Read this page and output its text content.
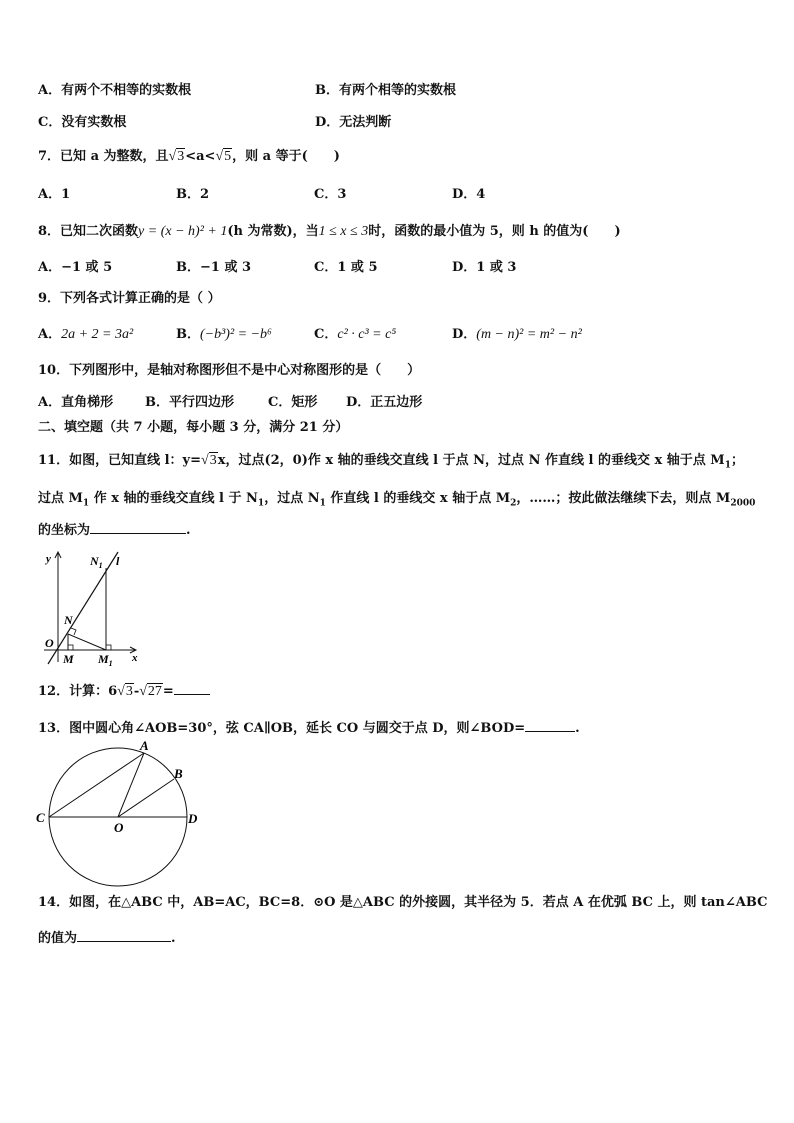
A．有两个不相等的实数根	B．有两个相等的实数根
C．没有实数根	D．无法判断
7．已知 a 为整数，且√3<a<√5，则 a 等于(　　)
A．1	B．2	C．3	D．4
8．已知二次函数y = (x − h)² + 1(h 为常数)，当1 ≤ x ≤ 3时，函数的最小值为 5，则 h 的值为(　　)
A．−1 或 5	B．−1 或 3	C．1 或 5	D．1 或 3
9．下列各式计算正确的是（ ）
A．2a + 2 = 3a²	B．(−b³)² = −b⁶	C．c² · c³ = c⁵	D．(m − n)² = m² − n²
10．下列图形中，是轴对称图形但不是中心对称图形的是（　　）
A．直角梯形 B．平行四边形	C．矩形 D．正五边形
二、填空题（共 7 小题，每小题 3 分，满分 21 分）
11．如图，已知直线 l：y=√3x，过点(2，0)作 x 轴的垂线交直线 l 于点 N，过点 N 作直线 l 的垂线交 x 轴于点 $M_1$；
过点 $M_1$ 作 x 轴的垂线交直线 l 于 $N_1$，过点 $N_1$ 作直线 l 的垂线交 x 轴于点 $M_2$，……；按此做法继续下去，则点 $M_{2000}$
的坐标为	.
y
x
O
N
M
$N_1$
$M_1$
l
12．计算：6√3-√27=
13．图中圆心角∠AOB=30°，弦 CA∥OB，延长 CO 与圆交于点 D，则∠BOD=	.
A
B
C
O
D
14．如图，在△ABC 中，AB=AC，BC=8．⊙O 是△ABC 的外接圆，其半径为 5．若点 A 在优弧 BC 上，则 tan∠ABC
的值为	.
